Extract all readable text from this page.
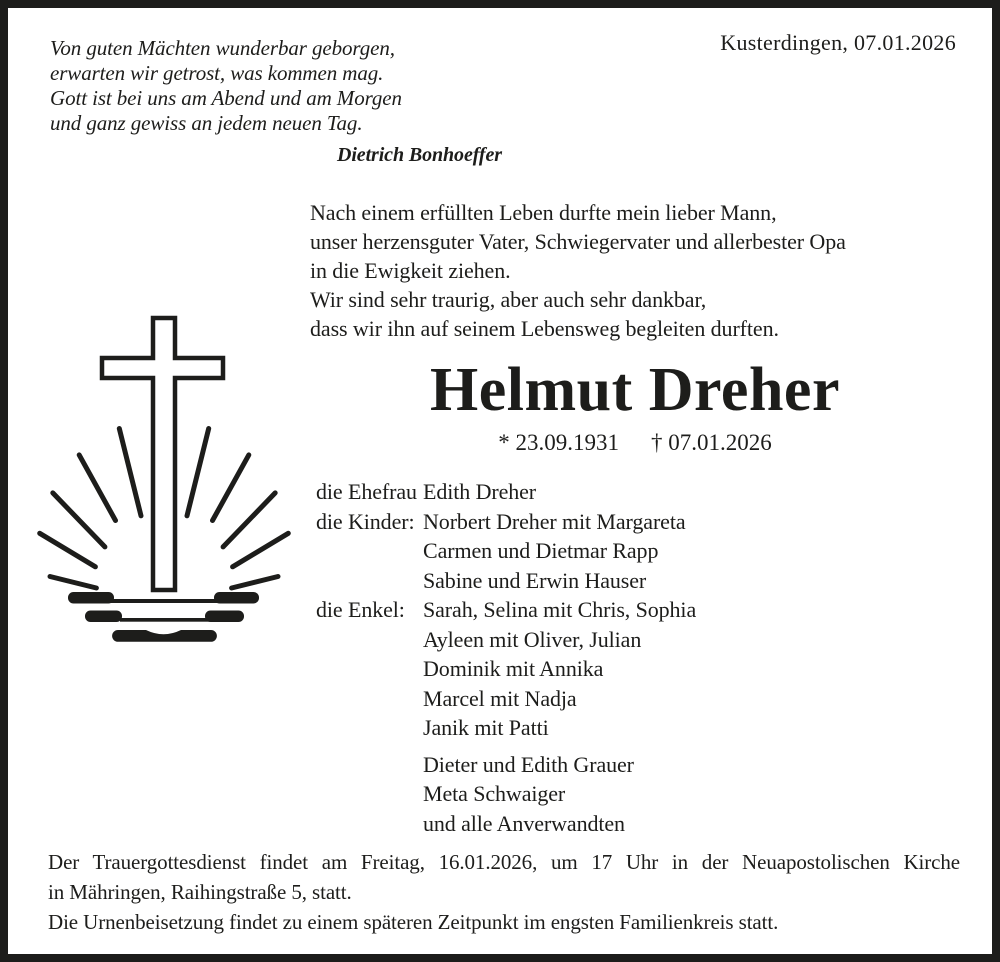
Kusterdingen, 07.01.2026
Von guten Mächten wunderbar geborgen,
erwarten wir getrost, was kommen mag.
Gott ist bei uns am Abend und am Morgen
und ganz gewiss an jedem neuen Tag.
Dietrich Bonhoeffer
Nach einem erfüllten Leben durfte mein lieber Mann,
unser herzensguter Vater, Schwiegervater und allerbester Opa
in die Ewigkeit ziehen.
Wir sind sehr traurig, aber auch sehr dankbar,
dass wir ihn auf seinem Lebensweg begleiten durften.
Helmut Dreher
* 23.09.1931 † 07.01.2026
die Ehefrau Edith Dreher
die Kinder: Norbert Dreher mit Margareta
Carmen und Dietmar Rapp
Sabine und Erwin Hauser
die Enkel: Sarah, Selina mit Chris, Sophia
Ayleen mit Oliver, Julian
Dominik mit Annika
Marcel mit Nadja
Janik mit Patti
Dieter und Edith Grauer
Meta Schwaiger
und alle Anverwandten
Der Trauergottesdienst findet am Freitag, 16.01.2026, um 17 Uhr in der Neuapostolischen Kirche
in Mähringen, Raihingstraße 5, statt.
Die Urnenbeisetzung findet zu einem späteren Zeitpunkt im engsten Familienkreis statt.
